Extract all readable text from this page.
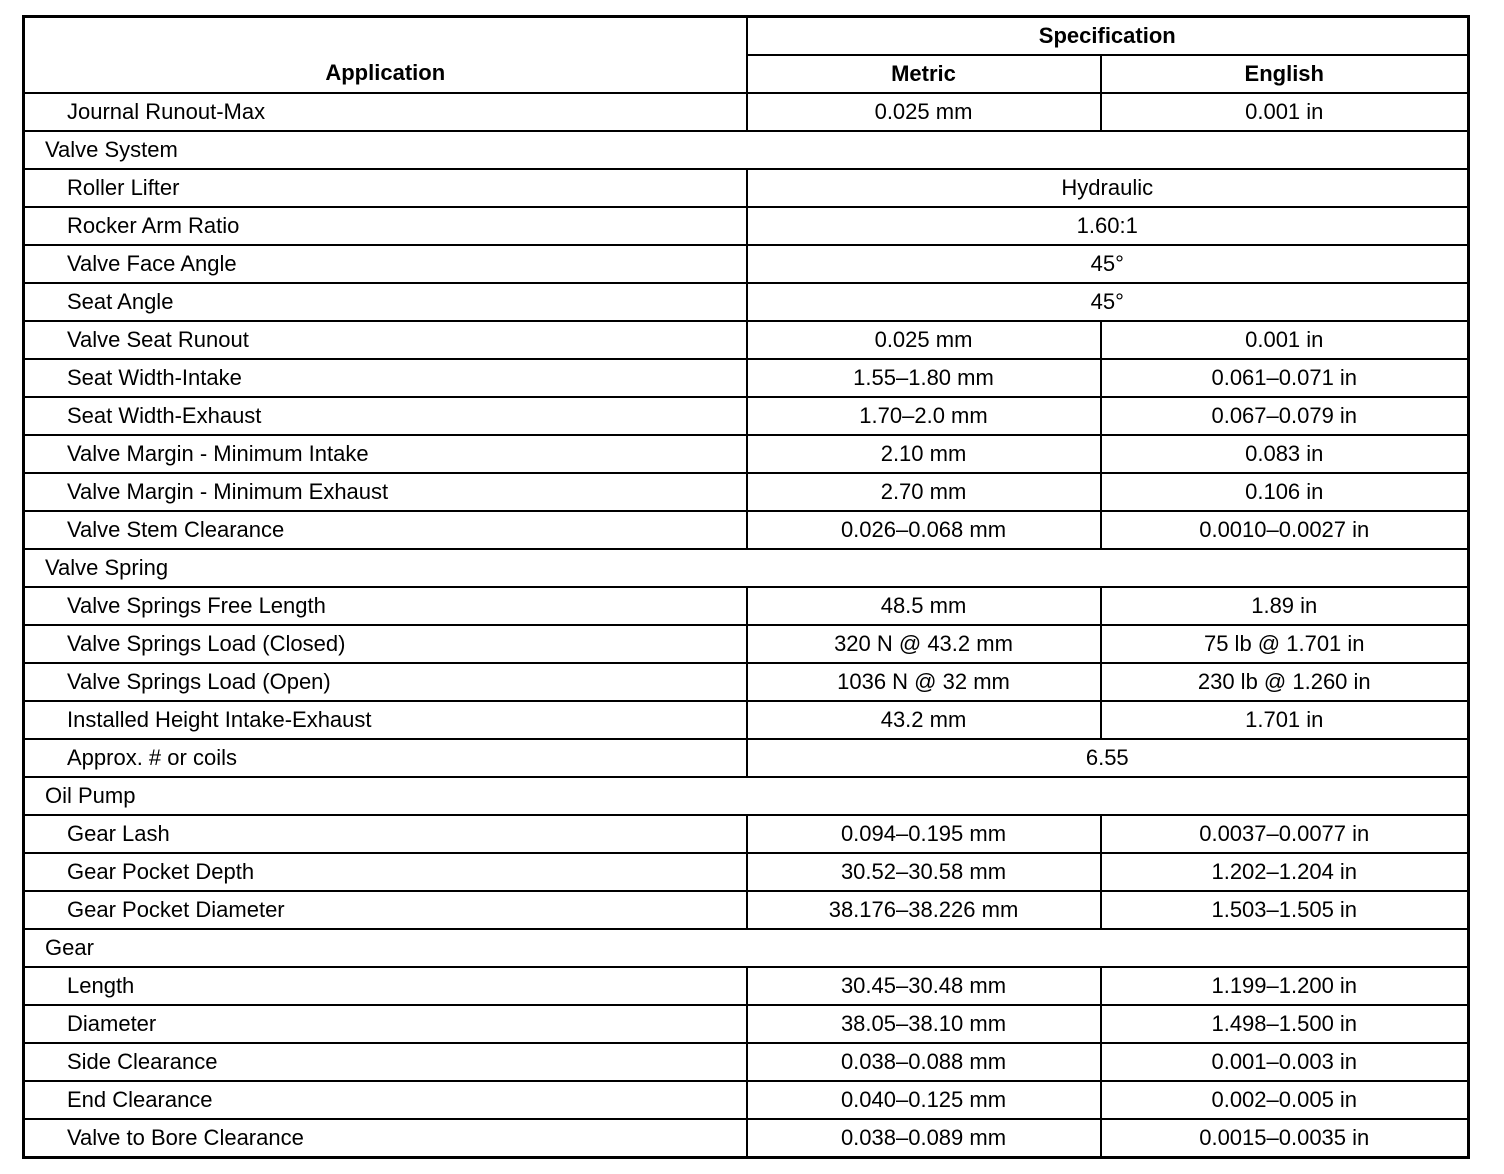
Application	Specification	
	Metric	English
Journal Runout-Max	0.025 mm	0.001 in
Valve System		
Roller Lifter	Hydraulic	
Rocker Arm Ratio	1.60:1	
Valve Face Angle	45°	
Seat Angle	45°	
Valve Seat Runout	0.025 mm	0.001 in
Seat Width-Intake	1.55–1.80 mm	0.061–0.071 in
Seat Width-Exhaust	1.70–2.0 mm	0.067–0.079 in
Valve Margin - Minimum Intake	2.10 mm	0.083 in
Valve Margin - Minimum Exhaust	2.70 mm	0.106 in
Valve Stem Clearance	0.026–0.068 mm	0.0010–0.0027 in
Valve Spring		
Valve Springs Free Length	48.5 mm	1.89 in
Valve Springs Load (Closed)	320 N @ 43.2 mm	75 lb @ 1.701 in
Valve Springs Load (Open)	1036 N @ 32 mm	230 lb @ 1.260 in
Installed Height Intake-Exhaust	43.2 mm	1.701 in
Approx. # or coils	6.55	
Oil Pump		
Gear Lash	0.094–0.195 mm	0.0037–0.0077 in
Gear Pocket Depth	30.52–30.58 mm	1.202–1.204 in
Gear Pocket Diameter	38.176–38.226 mm	1.503–1.505 in
Gear		
Length	30.45–30.48 mm	1.199–1.200 in
Diameter	38.05–38.10 mm	1.498–1.500 in
Side Clearance	0.038–0.088 mm	0.001–0.003 in
End Clearance	0.040–0.125 mm	0.002–0.005 in
Valve to Bore Clearance	0.038–0.089 mm	0.0015–0.0035 in
